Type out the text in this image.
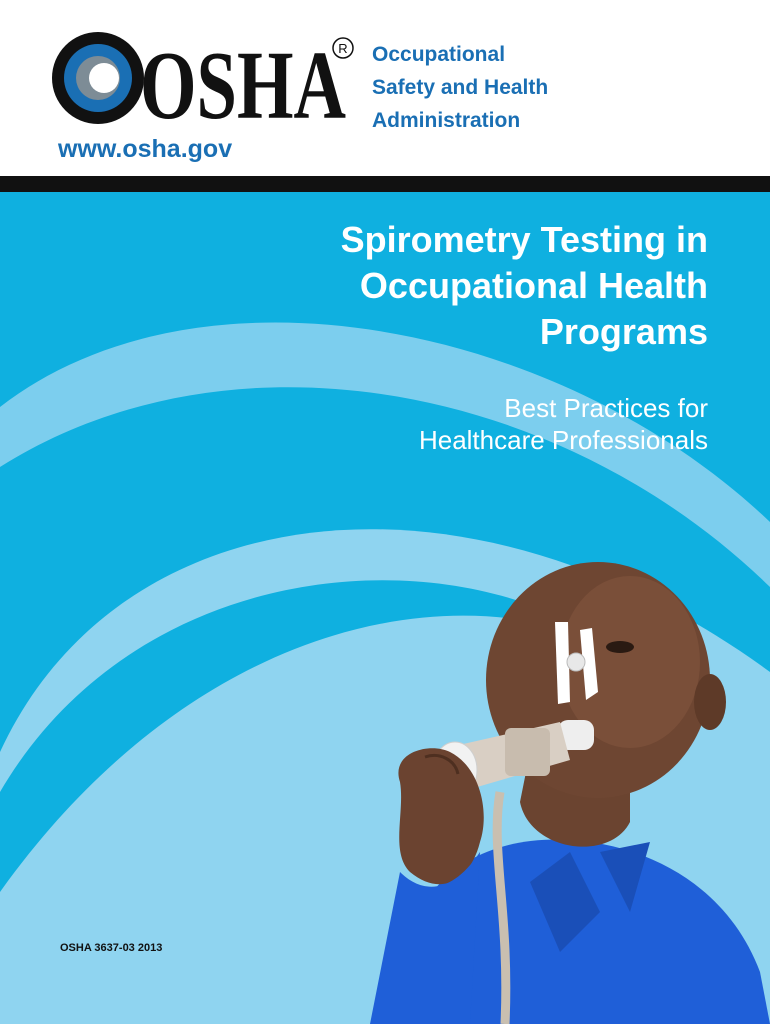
OSHA
R Occupational
Safety and Health
Administration
www.osha.gov
Spirometry Testing in
Occupational Health
Programs
Best Practices for
Healthcare Professionals
OSHA 3637-03 2013
